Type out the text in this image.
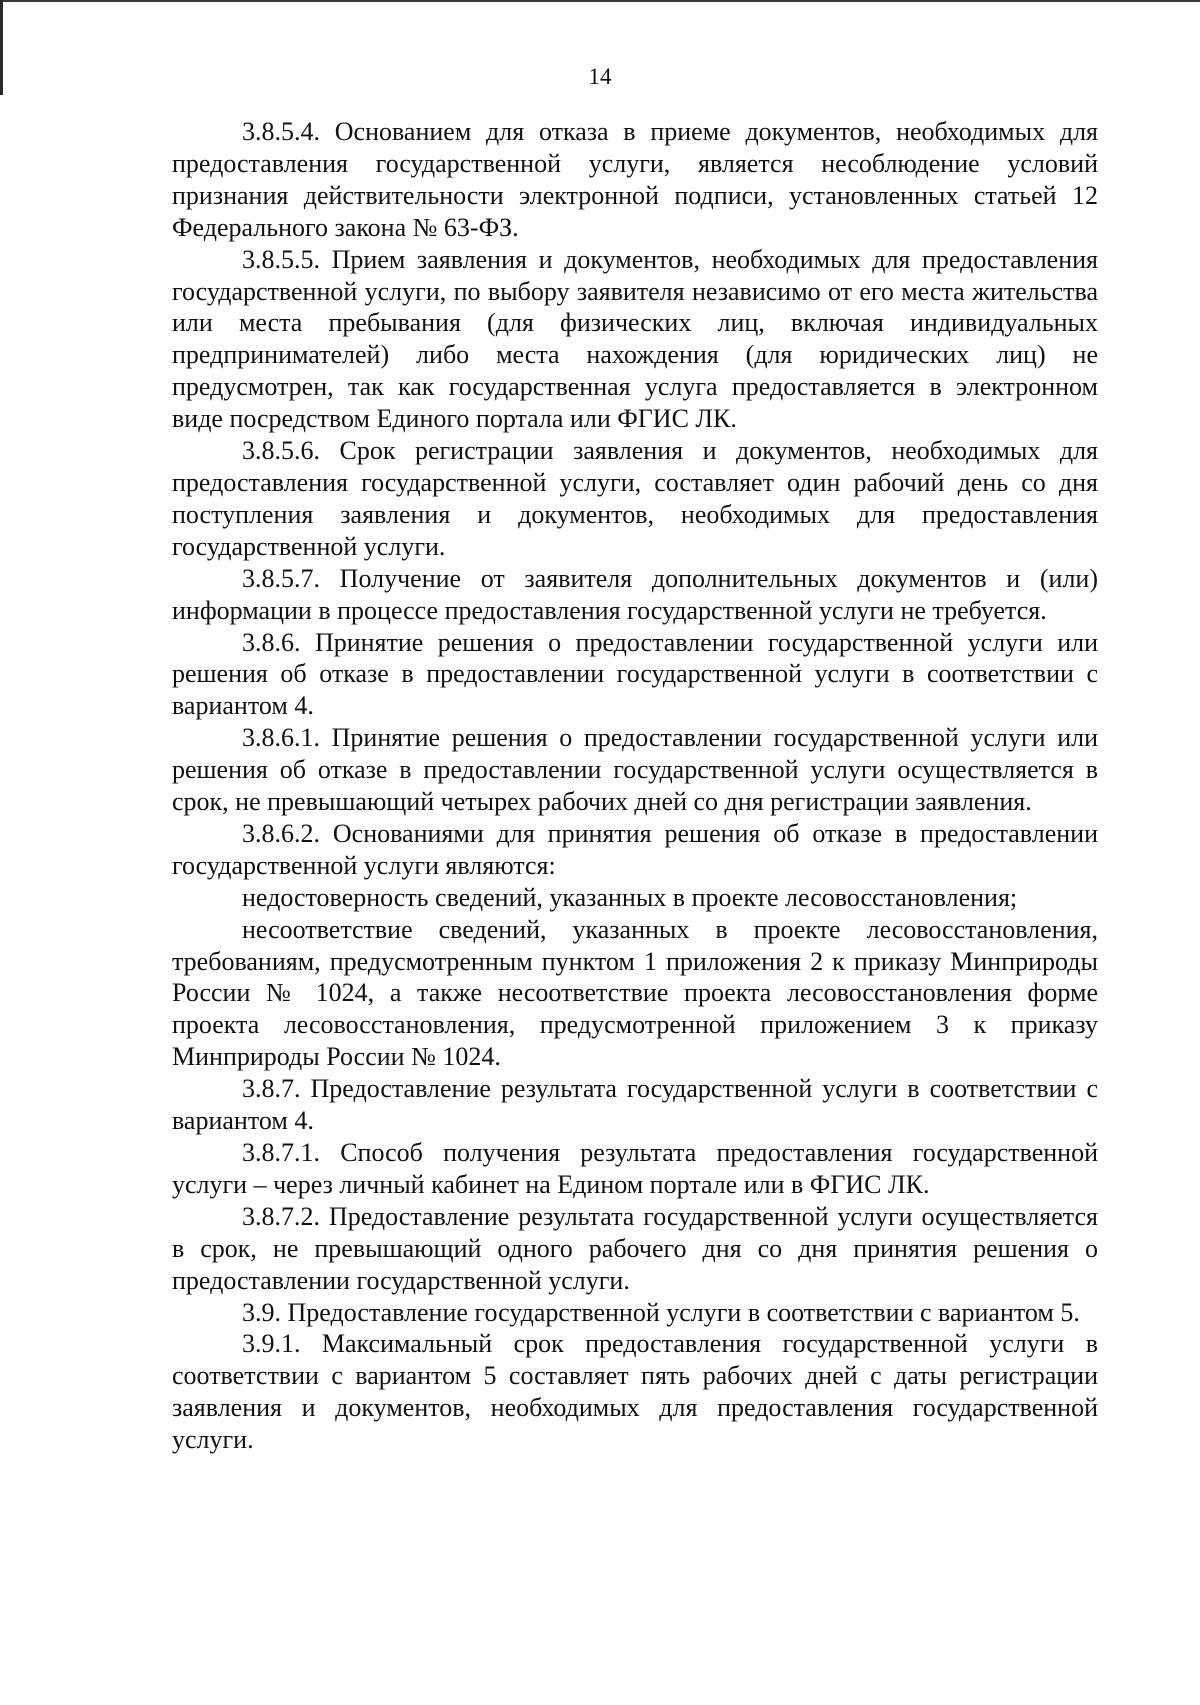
14

3.8.5.4. Основанием для отказа в приеме документов, необходимых для предоставления государственной услуги, является несоблюдение условий признания действительности электронной подписи, установленных статьей 12 Федерального закона № 63-ФЗ.

3.8.5.5. Прием заявления и документов, необходимых для предоставления государственной услуги, по выбору заявителя независимо от его места жительства или места пребывания (для физических лиц, включая индивидуальных предпринимателей) либо места нахождения (для юридических лиц) не предусмотрен, так как государственная услуга предоставляется в электронном виде посредством Единого портала или ФГИС ЛК.

3.8.5.6. Срок регистрации заявления и документов, необходимых для предоставления государственной услуги, составляет один рабочий день со дня поступления заявления и документов, необходимых для предоставления государственной услуги.

3.8.5.7. Получение от заявителя дополнительных документов и (или) информации в процессе предоставления государственной услуги не требуется.

3.8.6. Принятие решения о предоставлении государственной услуги или решения об отказе в предоставлении государственной услуги в соответствии с вариантом 4.

3.8.6.1. Принятие решения о предоставлении государственной услуги или решения об отказе в предоставлении государственной услуги осуществляется в срок, не превышающий четырех рабочих дней со дня регистрации заявления.

3.8.6.2. Основаниями для принятия решения об отказе в предоставлении государственной услуги являются:

недостоверность сведений, указанных в проекте лесовосстановления;

несоответствие сведений, указанных в проекте лесовосстановления, требованиям, предусмотренным пунктом 1 приложения 2 к приказу Минприроды России № 1024, а также несоответствие проекта лесовосстановления форме проекта лесовосстановления, предусмотренной приложением 3 к приказу Минприроды России № 1024.

3.8.7. Предоставление результата государственной услуги в соответствии с вариантом 4.

3.8.7.1. Способ получения результата предоставления государственной услуги – через личный кабинет на Едином портале или в ФГИС ЛК.

3.8.7.2. Предоставление результата государственной услуги осуществляется в срок, не превышающий одного рабочего дня со дня принятия решения о предоставлении государственной услуги.

3.9. Предоставление государственной услуги в соответствии с вариантом 5.

3.9.1. Максимальный срок предоставления государственной услуги в соответствии с вариантом 5 составляет пять рабочих дней с даты регистрации заявления и документов, необходимых для предоставления государственной услуги.
